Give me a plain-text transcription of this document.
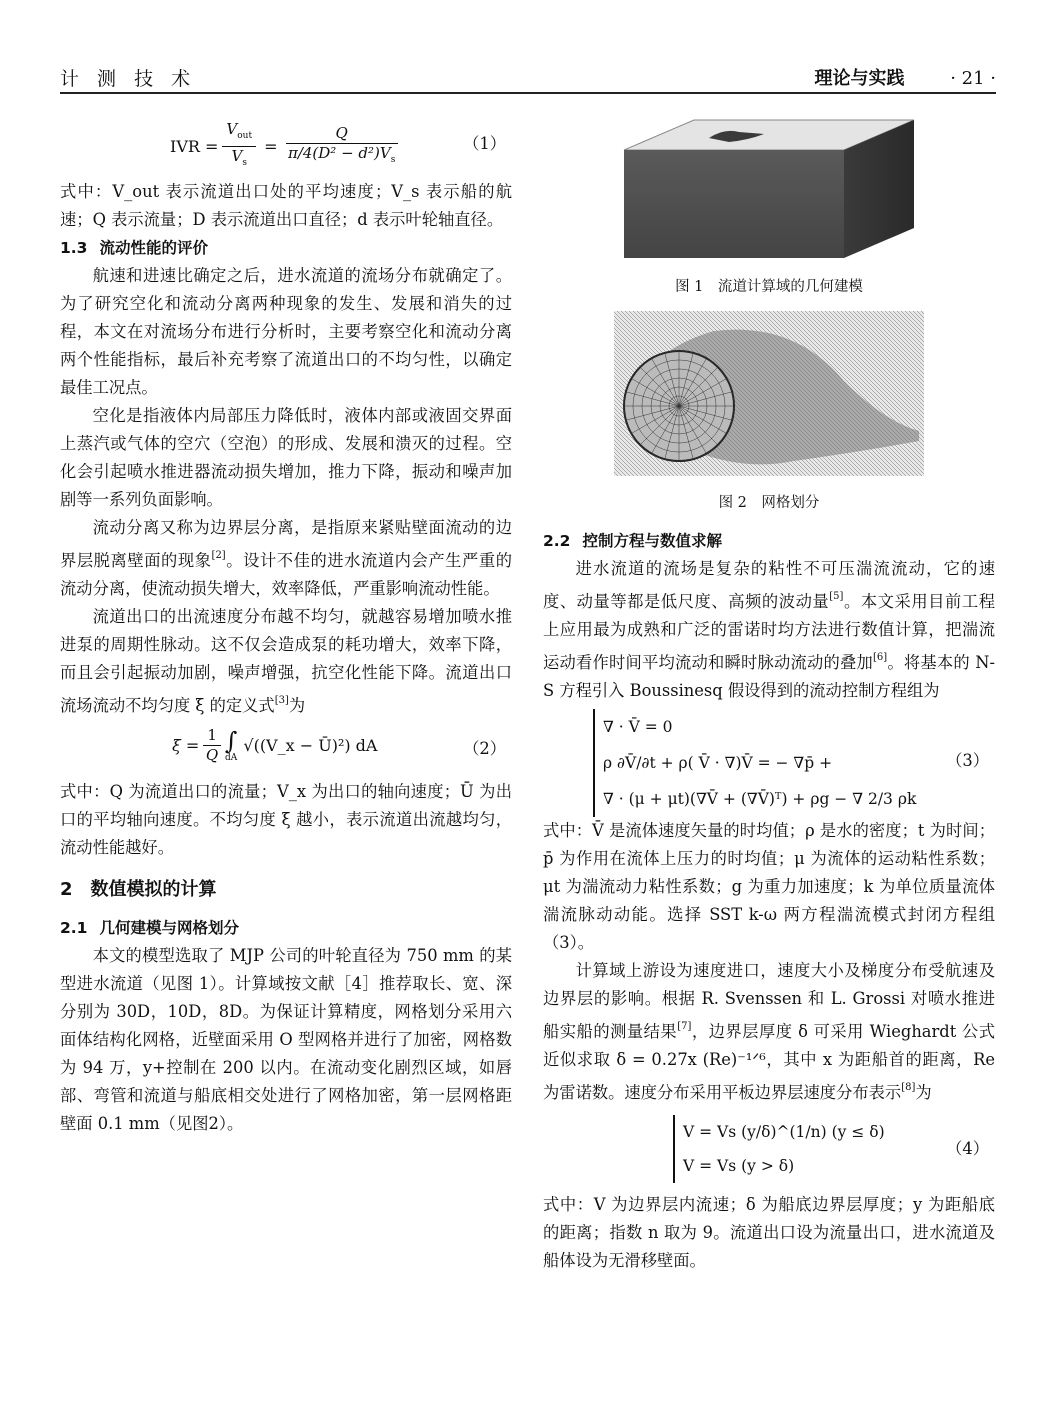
计 测 技 术	理论与实践	· 21 ·
IVR = $\frac{V_{out}}{V_s} = \frac{Q}{\pi/4(D^2 - d^2)V_s}$	（1）

式中：V_out 表示流道出口处的平均速度；V_s 表示船的航速；Q 表示流量；D 表示流道出口直径；d 表示叶轮轴直径。

1.3 流动性能的评价

航速和进速比确定之后，进水流道的流场分布就确定了。为了研究空化和流动分离两种现象的发生、发展和消失的过程，本文在对流场分布进行分析时，主要考察空化和流动分离两个性能指标，最后补充考察了流道出口的不均匀性，以确定最佳工况点。

空化是指液体内局部压力降低时，液体内部或液固交界面上蒸汽或气体的空穴（空泡）的形成、发展和溃灭的过程。空化会引起喷水推进器流动损失增加，推力下降，振动和噪声加剧等一系列负面影响。

流动分离又称为边界层分离，是指原来紧贴壁面流动的边界层脱离壁面的现象[2]。设计不佳的进水流道内会产生严重的流动分离，使流动损失增大，效率降低，严重影响流动性能。

流道出口的出流速度分布越不均匀，就越容易增加喷水推进泵的周期性脉动。这不仅会造成泵的耗功增大，效率下降，而且会引起振动加剧，噪声增强，抗空化性能下降。流道出口流场流动不均匀度 ξ 的定义式[3]为

$\xi = \frac{1}{Q}$ ∫
dA
√((V_x − Ū)²) dA	（2）

式中：Q 为流道出口的流量；V_x 为出口的轴向速度；Ū 为出口的平均轴向速度。不均匀度 ξ 越小，表示流道出流越均匀，流动性能越好。

2 数值模拟的计算

2.1 几何建模与网格划分

本文的模型选取了 MJP 公司的叶轮直径为 750 mm 的某型进水流道（见图 1）。计算域按文献［4］推荐取长、宽、深分别为 30D，10D，8D。为保证计算精度，网格划分采用六面体结构化网格，近壁面采用 O 型网格并进行了加密，网格数为 94 万，y+控制在 200 以内。在流动变化剧烈区域，如唇部、弯管和流道与船底相交处进行了网格加密，第一层网格距壁面 0.1 mm（见图2）。

图 1　流道计算域的几何建模

图 2　网格划分

2.2 控制方程与数值求解

进水流道的流场是复杂的粘性不可压湍流流动，它的速度、动量等都是低尺度、高频的波动量[5]。本文采用目前工程上应用最为成熟和广泛的雷诺时均方法进行数值计算，把湍流运动看作时间平均流动和瞬时脉动流动的叠加[6]。将基本的 N-S 方程引入 Boussinesq 假设得到的流动控制方程组为

∇ · V̄ = 0
ρ ∂V̄/∂t + ρ( V̄ · ∇)V̄ = − ∇p̄ +
∇ · (μ + μt)(∇V̄ + (∇V̄)ᵀ) + ρg − ∇ 2/3 ρk
（3）

式中：V̄ 是流体速度矢量的时均值；ρ 是水的密度；t 为时间；p̄ 为作用在流体上压力的时均值；μ 为流体的运动粘性系数；μt 为湍流动力粘性系数；g 为重力加速度；k 为单位质量流体湍流脉动动能。选择 SST k-ω 两方程湍流模式封闭方程组（3）。

计算域上游设为速度进口，速度大小及梯度分布受航速及边界层的影响。根据 R. Svenssen 和 L. Grossi 对喷水推进船实船的测量结果[7]，边界层厚度 δ 可采用 Wieghardt 公式近似求取 δ = 0.27x (Re)⁻¹ᐟ⁶，其中 x 为距船首的距离，Re 为雷诺数。速度分布采用平板边界层速度分布表示[8]为

V = Vs (y/δ)^(1/n) (y ≤ δ)
V = Vs (y > δ)
（4）

式中：V 为边界层内流速；δ 为船底边界层厚度；y 为距船底的距离；指数 n 取为 9。流道出口设为流量出口，进水流道及船体设为无滑移壁面。
